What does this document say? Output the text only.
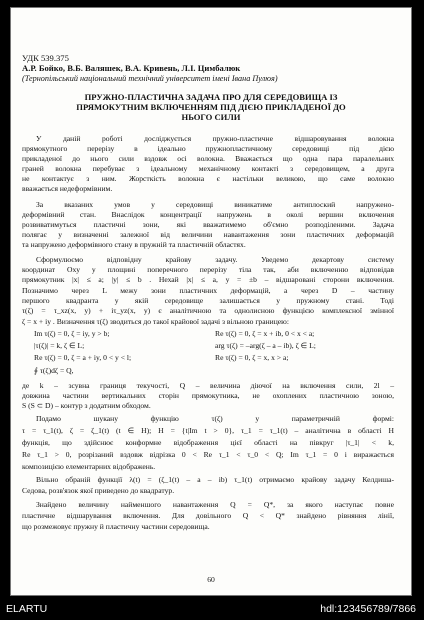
УДК 539.375
А.Р. Бойко, В.Б. Валяшек, В.А. Кривень, Л.І. Цимбалюк
(Тернопільський національний технічний університет імені Івана Пулюя)
ПРУЖНО-ПЛАСТИЧНА ЗАДАЧА ПРО ДЛЯ СЕРЕДОВИЩА ІЗ
ПРЯМОКУТНИМ ВКЛЮЧЕННЯМ ПІД ДІЄЮ ПРИКЛАДЕНОЇ ДО
НЬОГО СИЛИ
У даній роботі досліджується пружно-пластичне відшаровування волокна
прямокутного перерізу в ідеально пружнопластичному середовищі під дією
прикладеної до нього сили вздовж осі волокна. Вважається що одна пара паралельних
граней волокна перебуває з ідеальному механічному контакті з середовищем, а друга
не контактує з ним. Жорсткість волокна є настільки великою, що саме волокно
вважається недеформівним.
За вказаних умов у середовищі виникатиме антиплоский напружено-
деформівний стан. Внаслідок концентрації напружень в околі вершин включення
розвиватимуться пластичні зони, які вважатимемо об'ємно розподіленими. Задача
полягає у визначенні залежної від величини навантаження зони пластичних деформацій
та напружено деформівного стану в пружній та пластичній областях.
Сформулюємо відповідну крайову задачу. Уведемо декартову систему
координат Oxy у площині поперечного перерізу тіла так, аби включенню відповідав
прямокутник |x| ≤ a; |y| ≤ b . Нехай |x| ≤ a, y = ±b – відшаровані сторони включення.
Позначимо через L межу зони пластичних деформацій, а через D – частину
першого квадранта у якій середовище залишається у пружному стані. Тоді
τ(ζ) = τ_xz(x, y) + iτ_yz(x, y) є аналітичною та однолисною функцією комплексної змінної
ζ = x + iy . Визначення τ(ζ) зводиться до такої крайової задачі з вільною границею:
Im τ(ζ) = 0, ζ = iy, y > b;	Re τ(ζ) = 0, ζ = x + ib, 0 < x < a;
|τ(ζ)| = k, ζ ∈ L;	arg τ(ζ) = –arg(ζ – a – ib), ζ ∈ L;
Re τ(ζ) = 0, ζ = a + iy, 0 < y < l;	Re τ(ζ) = 0, ζ = x, x > a;
∮ τ(ζ)dζ = Q,
де k – зсувна границя текучості, Q – величина діючої на включення сили, 2l –
довжина частини вертикальних сторін прямокутника, не охоплених пластичною зоною,
S (S ⊂ D) – контур з додатним обходом.
Подамо шукану функцію τ(ζ) у параметричній формі:
τ = τ_1(t), ζ = ζ_1(t) (t ∈ H); H = {t|Im t > 0}, τ_1 = τ_1(t) – аналітична в області H
функція, що здійснює конформне відображення цієї області на півкруг |τ_1| < k,
Re τ_1 > 0, розрізаний вздовж відрізка 0 < Re τ_1 < τ_0 < Q; Im τ_1 = 0 і виражається
композицією елементарних відображень.
Вільно обраній функції λ(t) = (ζ_1(t) – a – ib) τ_1(t) отримаємо крайову задачу Келдиша-
Седова, розв'язок якої приведено до квадратур.
Знайдено величину найменшого навантаження Q = Q*, за якого наступає повне
пластичне відшарування включення. Для довільного Q < Q* знайдено рівняння лінії,
що розмежовує пружну й пластичну частини середовища.
60
ELARTU	hdl:123456789/7866
